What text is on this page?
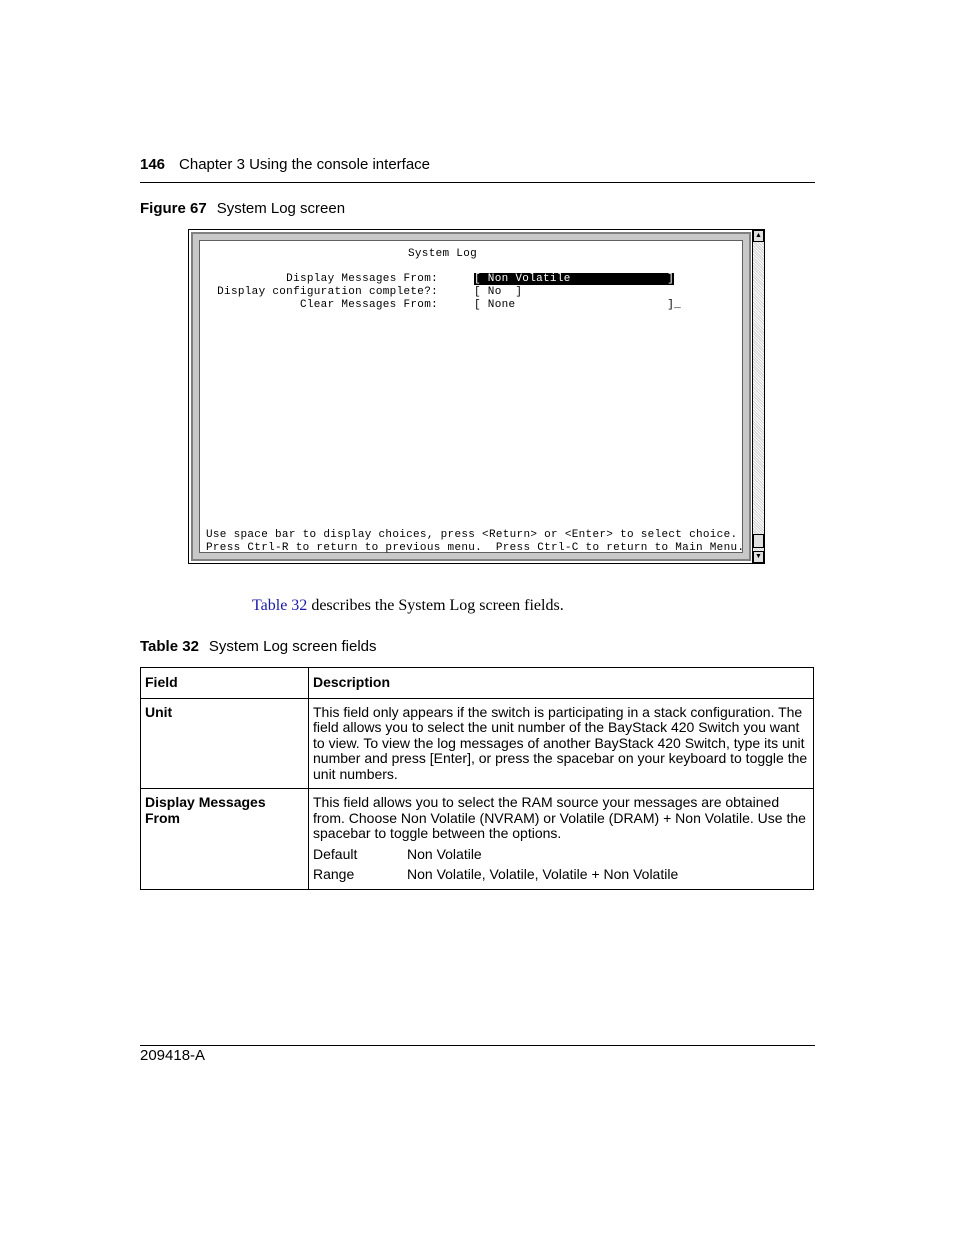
146 Chapter 3 Using the console interface
Figure 67 System Log screen
System Log
Display Messages From:	[ Non Volatile              ]
Display configuration complete?:	[ No  ]
Clear Messages From:	[ None                      ]_
Use space bar to display choices, press <Return> or <Enter> to select choice.
Press Ctrl-R to return to previous menu.  Press Ctrl-C to return to Main Menu.
▲
▼
Table 32 describes the System Log screen fields.
Table 32 System Log screen fields
Field	Description
Unit	This field only appears if the switch is participating in a stack configuration. The field allows you to select the unit number of the BayStack 420 Switch you want to view. To view the log messages of another BayStack 420 Switch, type its unit number and press [Enter], or press the spacebar on your keyboard to toggle the unit numbers.
Display Messages From	This field allows you to select the RAM source your messages are obtained from. Choose Non Volatile (NVRAM) or Volatile (DRAM) + Non Volatile. Use the spacebar to toggle between the options.
Default Non Volatile
Range Non Volatile, Volatile, Volatile + Non Volatile
209418-A
